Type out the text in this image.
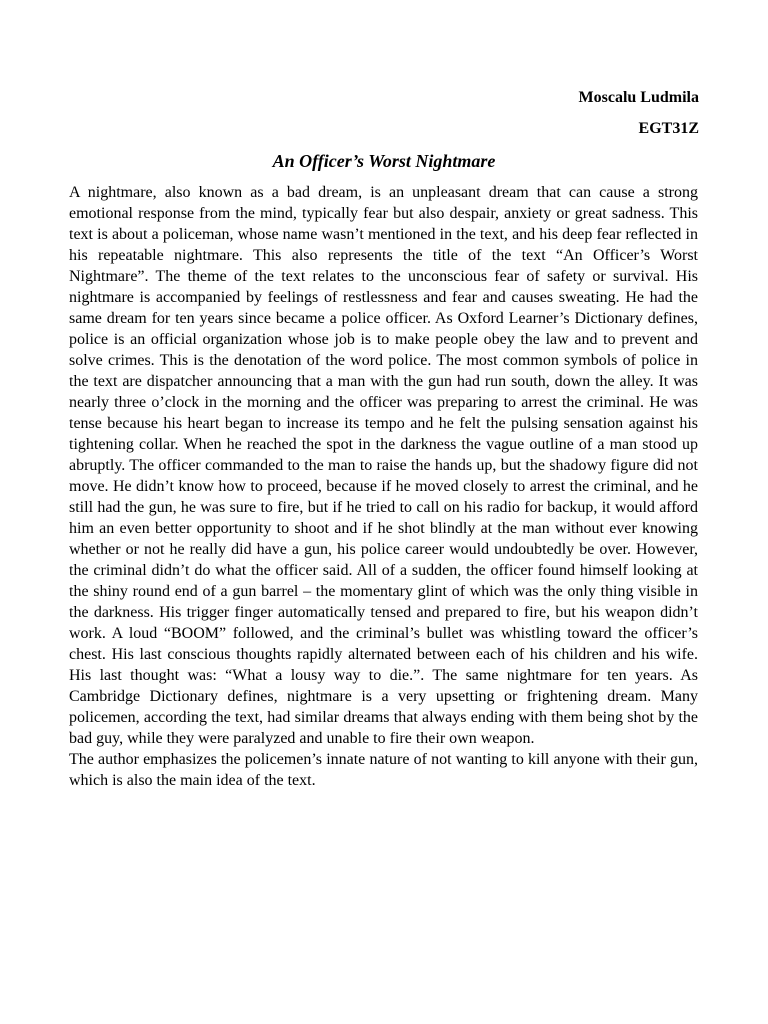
Moscalu Ludmila
EGT31Z
An Officer’s Worst Nightmare

A nightmare, also known as a bad dream, is an unpleasant dream that can cause a strong emotional response from the mind, typically fear but also despair, anxiety or great sadness. This text is about a policeman, whose name wasn’t mentioned in the text, and his deep fear reflected in his repeatable nightmare. This also represents the title of the text “An Officer’s Worst Nightmare”. The theme of the text relates to the unconscious fear of safety or survival. His nightmare is accompanied by feelings of restlessness and fear and causes sweating. He had the same dream for ten years since became a police officer. As Oxford Learner’s Dictionary defines, police is an official organization whose job is to make people obey the law and to prevent and solve crimes. This is the denotation of the word police. The most common symbols of police in the text are dispatcher announcing that a man with the gun had run south, down the alley. It was nearly three o’clock in the morning and the officer was preparing to arrest the criminal. He was tense because his heart began to increase its tempo and he felt the pulsing sensation against his tightening collar. When he reached the spot in the darkness the vague outline of a man stood up abruptly. The officer commanded to the man to raise the hands up, but the shadowy figure did not move. He didn’t know how to proceed, because if he moved closely to arrest the criminal, and he still had the gun, he was sure to fire, but if he tried to call on his radio for backup, it would afford him an even better opportunity to shoot and if he shot blindly at the man without ever knowing whether or not he really did have a gun, his police career would undoubtedly be over. However, the criminal didn’t do what the officer said. All of a sudden, the officer found himself looking at the shiny round end of a gun barrel – the momentary glint of which was the only thing visible in the darkness. His trigger finger automatically tensed and prepared to fire, but his weapon didn’t work. A loud “BOOM” followed, and the criminal’s bullet was whistling toward the officer’s chest. His last conscious thoughts rapidly alternated between each of his children and his wife. His last thought was: “What a lousy way to die.”. The same nightmare for ten years. As Cambridge Dictionary defines, nightmare is a very upsetting or frightening dream. Many policemen, according the text, had similar dreams that always ending with them being shot by the bad guy, while they were paralyzed and unable to fire their own weapon.

The author emphasizes the policemen’s innate nature of not wanting to kill anyone with their gun, which is also the main idea of the text.
